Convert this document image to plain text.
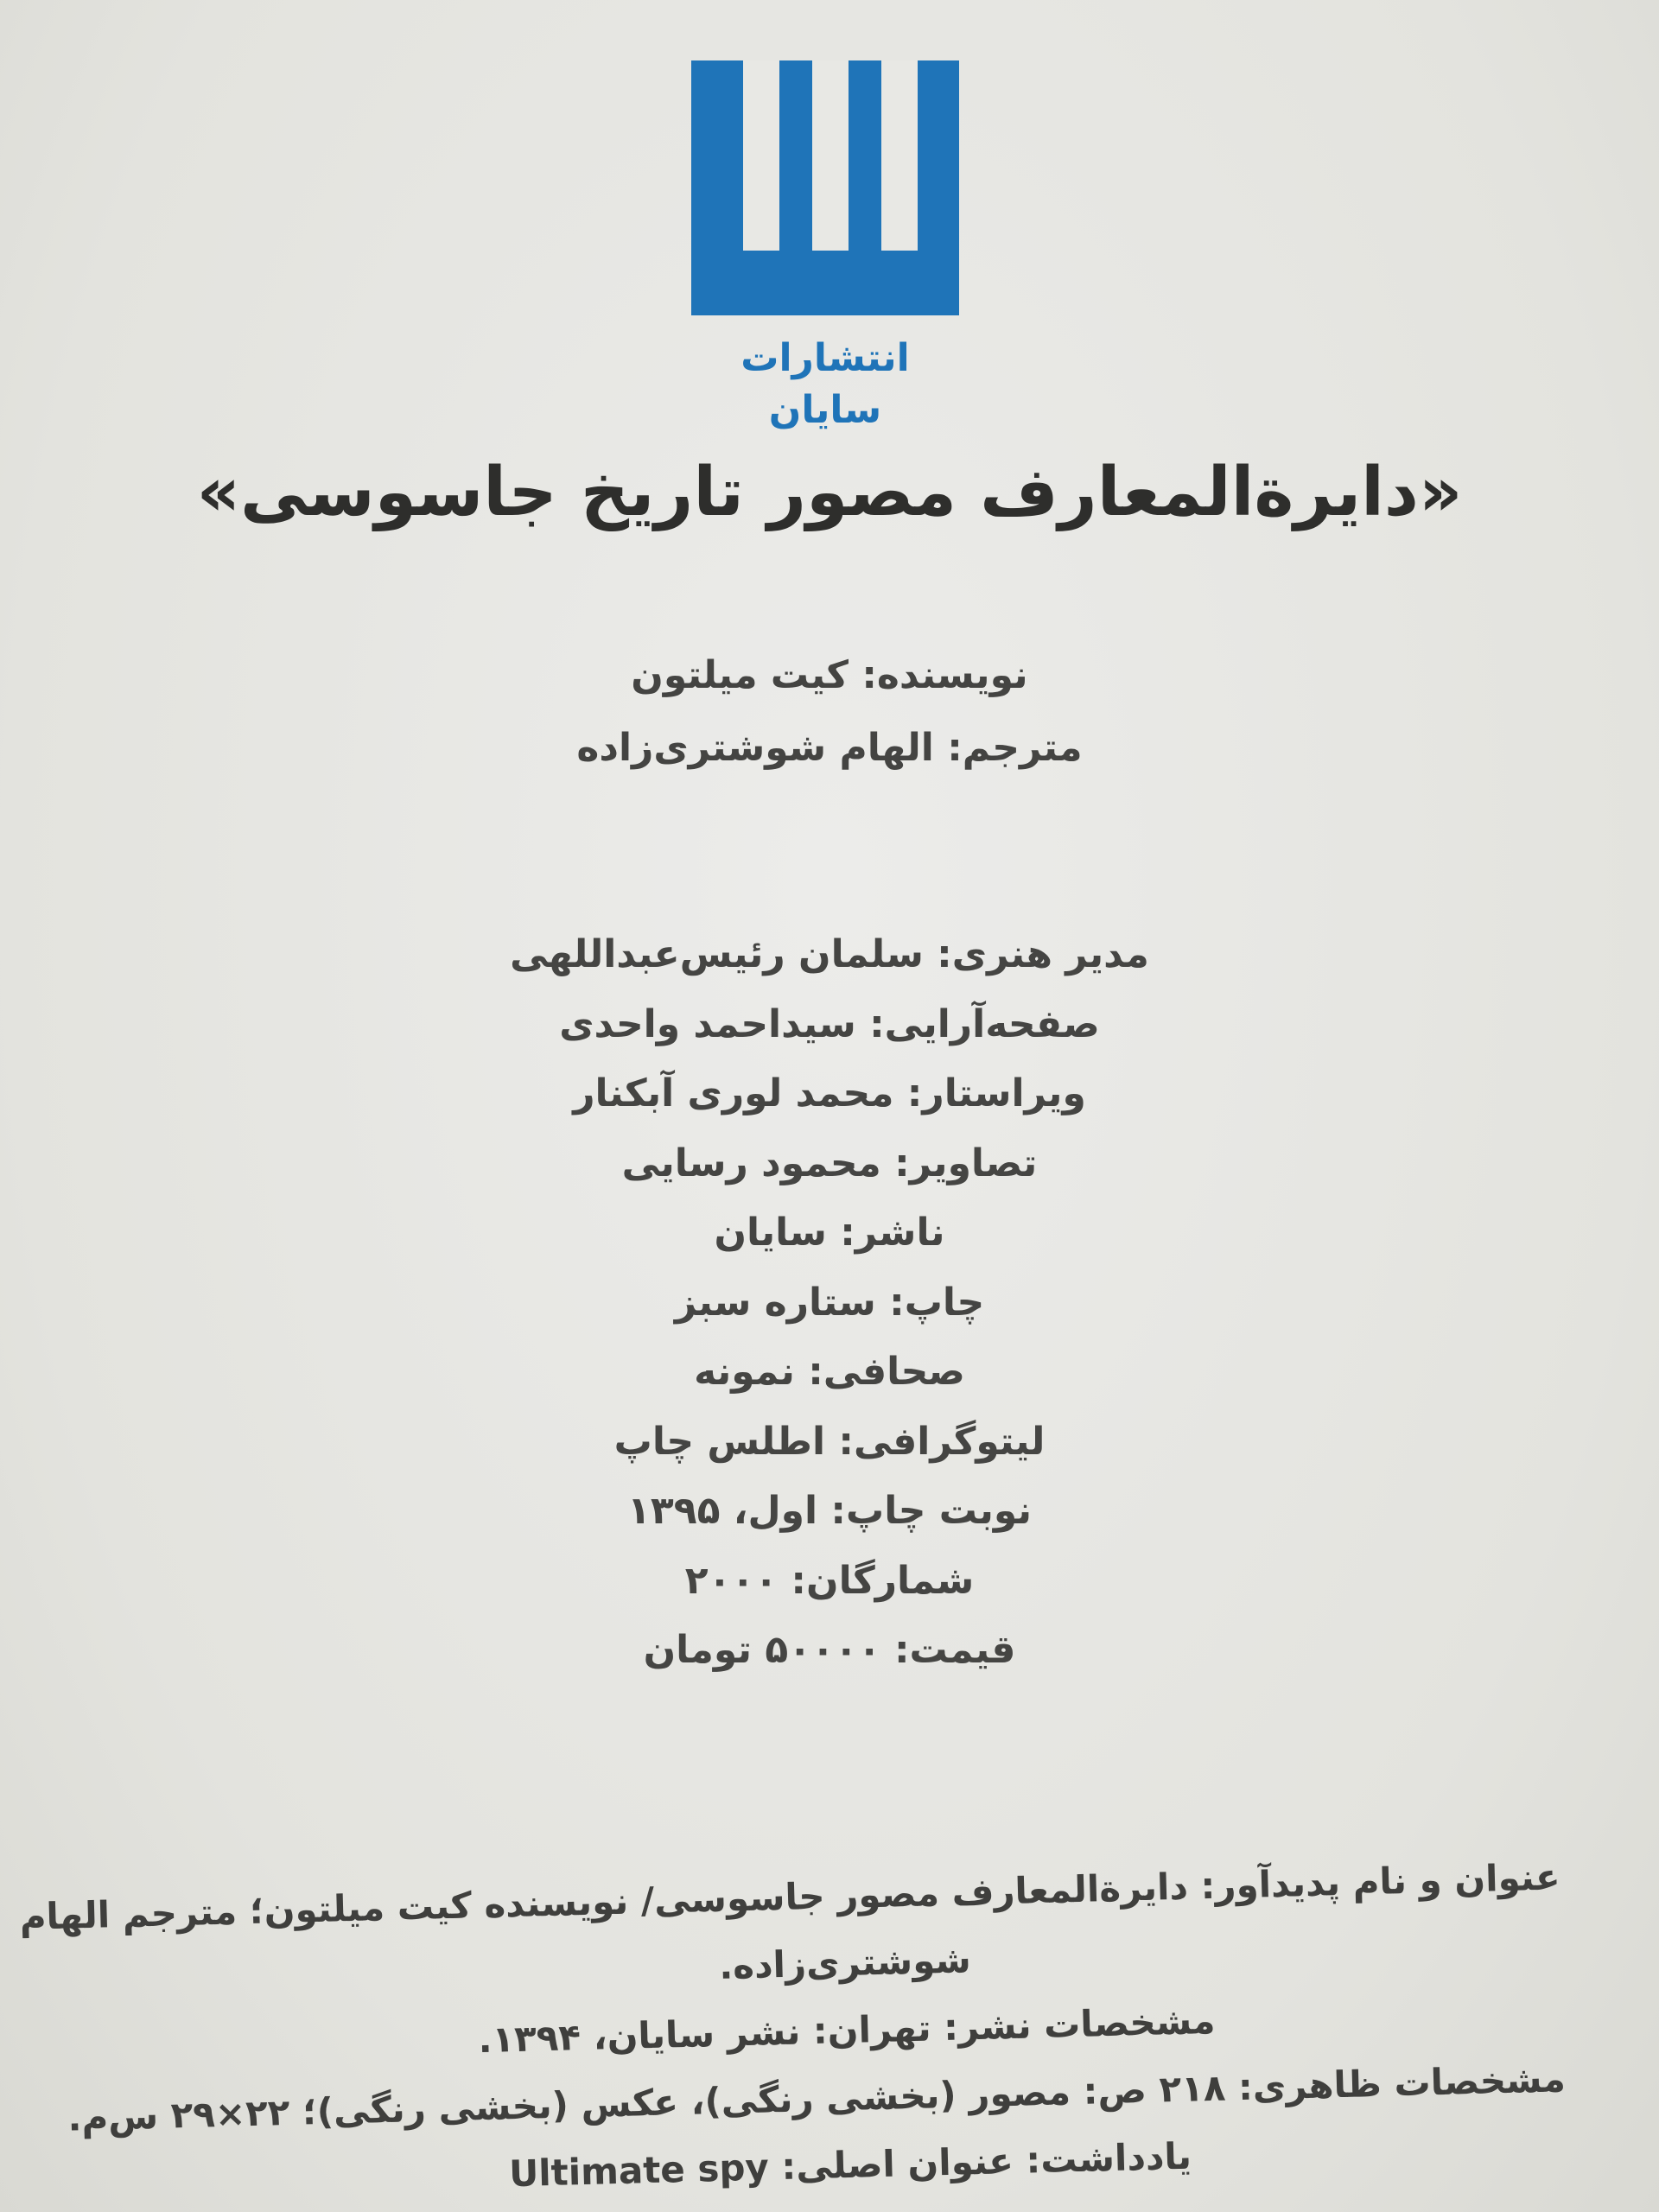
انتشارات سایان
«دایرةالمعارف مصور تاریخ جاسوسی»
نویسنده: کیت میلتون
مترجم: الهام شوشتری‌زاده
مدیر هنری: سلمان رئیس‌عبداللهی
صفحه‌آرایی: سیداحمد واحدی
ویراستار: محمد لوری آبکنار
تصاویر: محمود رسایی
ناشر: سایان
چاپ: ستاره سبز
صحافی: نمونه
لیتوگرافی: اطلس چاپ
نوبت چاپ: اول، ۱۳۹۵
شمارگان: ۲۰۰۰
قیمت: ۵۰۰۰۰ تومان
عنوان و نام پدیدآور: دایرةالمعارف مصور جاسوسی/ نویسنده کیت میلتون؛ مترجم الهام
شوشتری‌زاده.
مشخصات نشر: تهران: نشر سایان، ۱۳۹۴.
مشخصات ظاهری: ۲۱۸ ص: مصور (بخشی رنگی)، عکس (بخشی رنگی)؛ ۲۲×۲۹ س‌م.
یادداشت: عنوان اصلی: Ultimate spy
